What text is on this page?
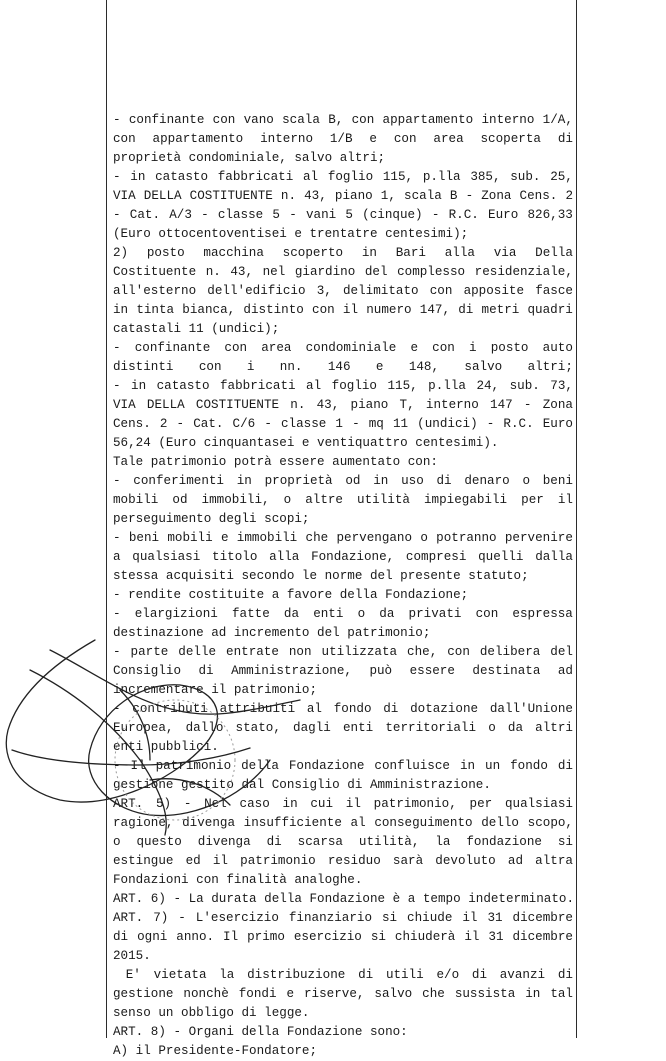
- confinante con vano scala B, con appartamento interno 1/A,
con appartamento interno 1/B e con area scoperta di
proprietà condominiale, salvo altri;
- in catasto fabbricati al foglio 115, p.lla 385, sub. 25,
VIA DELLA COSTITUENTE n. 43, piano 1, scala B - Zona Cens. 2
- Cat. A/3 - classe 5 - vani 5 (cinque) - R.C. Euro 826,33
(Euro ottocentoventisei e trentatre centesimi);
2) posto macchina scoperto in Bari alla via Della
Costituente n. 43, nel giardino del complesso residenziale,
all'esterno dell'edificio 3, delimitato con apposite fasce
in tinta bianca, distinto con il numero 147, di metri quadri
catastali 11 (undici);
- confinante con area condominiale e con i posto auto
distinti con i nn. 146 e 148, salvo altri;
- in catasto fabbricati al foglio 115, p.lla 24, sub. 73,
VIA DELLA COSTITUENTE n. 43, piano T, interno 147 - Zona
Cens. 2 - Cat. C/6 - classe 1 - mq 11 (undici) - R.C. Euro
56,24 (Euro cinquantasei e ventiquattro centesimi).
Tale patrimonio potrà essere aumentato con:
- conferimenti in proprietà od in uso di denaro o beni
mobili od immobili, o altre utilità impiegabili per il
perseguimento degli scopi;
- beni mobili e immobili che pervengano o potranno pervenire
a qualsiasi titolo alla Fondazione, compresi quelli dalla
stessa acquisiti secondo le norme del presente statuto;
- rendite costituite a favore della Fondazione;
- elargizioni fatte da enti o da privati con espressa
destinazione ad incremento del patrimonio;
- parte delle entrate non utilizzata che, con delibera del
Consiglio di Amministrazione, può essere destinata ad
incrementare il patrimonio;
- contributi attribuiti al fondo di dotazione dall'Unione
Europea, dallo stato, dagli enti territoriali o da altri
enti pubblici.
- Il patrimonio della Fondazione confluisce in un fondo di
gestione gestito dal Consiglio di Amministrazione.
ART. 5) - Nel caso in cui il patrimonio, per qualsiasi
ragione, divenga insufficiente al conseguimento dello scopo,
o questo divenga di scarsa utilità, la fondazione si
estingue ed il patrimonio residuo sarà devoluto ad altra
Fondazioni con finalità analoghe.
ART. 6) - La durata della Fondazione è a tempo indeterminato.
ART. 7) - L'esercizio finanziario si chiude il 31 dicembre
di ogni anno. Il primo esercizio si chiuderà il 31 dicembre
2015.
E' vietata la distribuzione di utili e/o di avanzi di
gestione nonchè fondi e riserve, salvo che sussista in tal
senso un obbligo di legge.
ART. 8) - Organi della Fondazione sono:
A) il Presidente-Fondatore;
